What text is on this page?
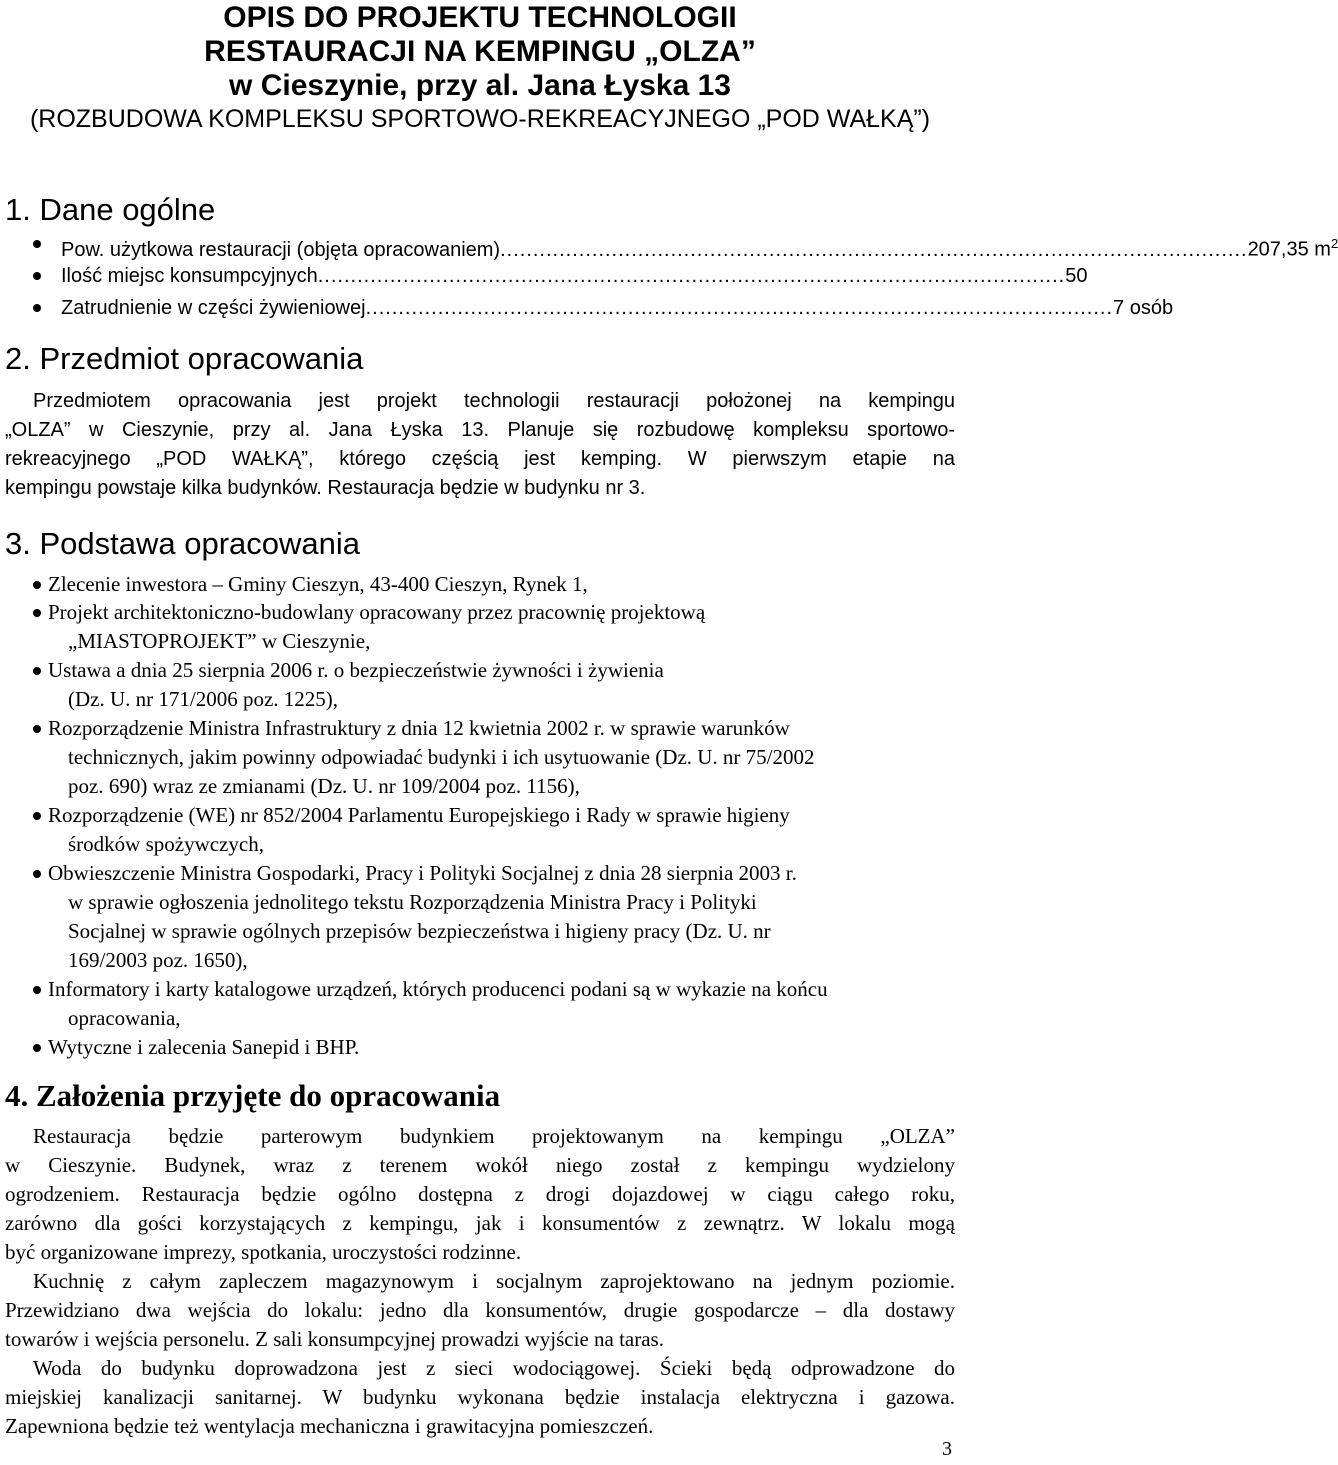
OPIS DO PROJEKTU TECHNOLOGII
RESTAURACJI NA KEMPINGU „OLZA”
w Cieszynie, przy al. Jana Łyska 13
(ROZBUDOWA KOMPLEKSU SPORTOWO-REKREACYJNEGO „POD WAŁKĄ”)
1. Dane ogólne
Pow. użytkowa restauracji (objęta opracowaniem) .................................................................................................................. 207,35 $m^2$
Ilość miejsc konsumpcyjnych .................................................................................................................. 50
Zatrudnienie w części żywieniowej .................................................................................................................. 7 osób
2. Przedmiot opracowania
Przedmiotem opracowania jest projekt technologii restauracji położonej na kempingu
„OLZA” w Cieszynie, przy al. Jana Łyska 13. Planuje się rozbudowę kompleksu sportowo-
rekreacyjnego „POD WAŁKĄ”, którego częścią jest kemping. W pierwszym etapie na
kempingu powstaje kilka budynków. Restauracja będzie w budynku nr 3.
3. Podstawa opracowania
Zlecenie inwestora – Gminy Cieszyn, 43-400 Cieszyn, Rynek 1,
Projekt architektoniczno-budowlany opracowany przez pracownię projektową
„MIASTOPROJEKT” w Cieszynie,
Ustawa a dnia 25 sierpnia 2006 r. o bezpieczeństwie żywności i żywienia
(Dz. U. nr 171/2006 poz. 1225),
Rozporządzenie Ministra Infrastruktury z dnia 12 kwietnia 2002 r. w sprawie warunków
technicznych, jakim powinny odpowiadać budynki i ich usytuowanie (Dz. U. nr 75/2002
poz. 690) wraz ze zmianami (Dz. U. nr 109/2004 poz. 1156),
Rozporządzenie (WE) nr 852/2004 Parlamentu Europejskiego i Rady w sprawie higieny
środków spożywczych,
Obwieszczenie Ministra Gospodarki, Pracy i Polityki Socjalnej z dnia 28 sierpnia 2003 r.
w sprawie ogłoszenia jednolitego tekstu Rozporządzenia Ministra Pracy i Polityki
Socjalnej w sprawie ogólnych przepisów bezpieczeństwa i higieny pracy (Dz. U. nr
169/2003 poz. 1650),
Informatory i karty katalogowe urządzeń, których producenci podani są w wykazie na końcu
opracowania,
Wytyczne i zalecenia Sanepid i BHP.
4. Założenia przyjęte do opracowania
Restauracja będzie parterowym budynkiem projektowanym na kempingu „OLZA”
w Cieszynie. Budynek, wraz z terenem wokół niego został z kempingu wydzielony
ogrodzeniem. Restauracja będzie ogólno dostępna z drogi dojazdowej w ciągu całego roku,
zarówno dla gości korzystających z kempingu, jak i konsumentów z zewnątrz. W lokalu mogą
być organizowane imprezy, spotkania, uroczystości rodzinne.
Kuchnię z całym zapleczem magazynowym i socjalnym zaprojektowano na jednym poziomie.
Przewidziano dwa wejścia do lokalu: jedno dla konsumentów, drugie gospodarcze – dla dostawy
towarów i wejścia personelu. Z sali konsumpcyjnej prowadzi wyjście na taras.
Woda do budynku doprowadzona jest z sieci wodociągowej. Ścieki będą odprowadzone do
miejskiej kanalizacji sanitarnej. W budynku wykonana będzie instalacja elektryczna i gazowa.
Zapewniona będzie też wentylacja mechaniczna i grawitacyjna pomieszczeń.
3
